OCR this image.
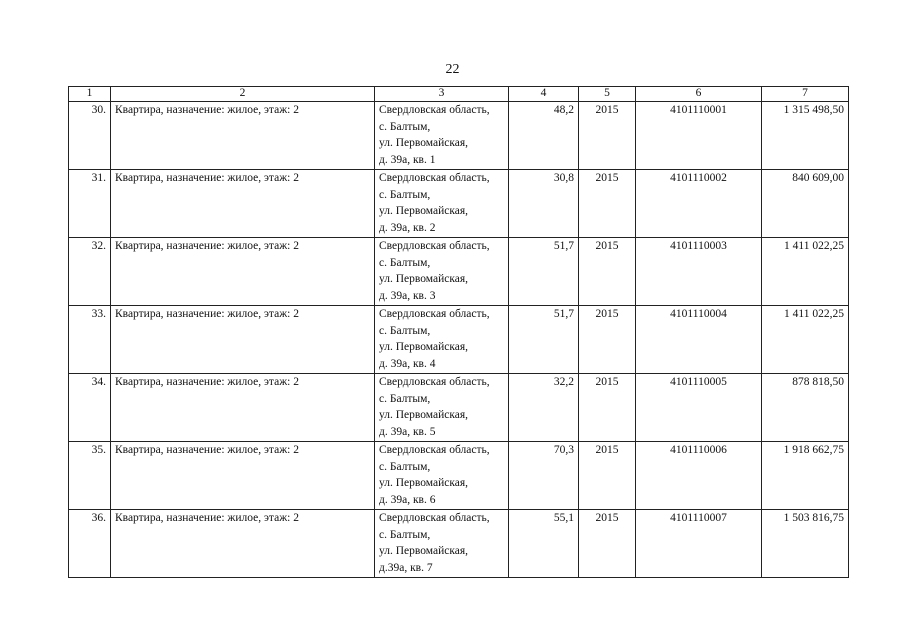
22
1	2	3	4	5	6	7
30.	Квартира, назначение: жилое, этаж: 2	Свердловская область,
с. Балтым,
ул. Первомайская,
д. 39а, кв. 1	48,2	2015	4101110001	1 315 498,50
31.	Квартира, назначение: жилое, этаж: 2	Свердловская область,
с. Балтым,
ул. Первомайская,
д. 39а, кв. 2	30,8	2015	4101110002	840 609,00
32.	Квартира, назначение: жилое, этаж: 2	Свердловская область,
с. Балтым,
ул. Первомайская,
д. 39а, кв. 3	51,7	2015	4101110003	1 411 022,25
33.	Квартира, назначение: жилое, этаж: 2	Свердловская область,
с. Балтым,
ул. Первомайская,
д. 39а, кв. 4	51,7	2015	4101110004	1 411 022,25
34.	Квартира, назначение: жилое, этаж: 2	Свердловская область,
с. Балтым,
ул. Первомайская,
д. 39а, кв. 5	32,2	2015	4101110005	878 818,50
35.	Квартира, назначение: жилое, этаж: 2	Свердловская область,
с. Балтым,
ул. Первомайская,
д. 39а, кв. 6	70,3	2015	4101110006	1 918 662,75
36.	Квартира, назначение: жилое, этаж: 2	Свердловская область,
с. Балтым,
ул. Первомайская,
д.39а, кв. 7	55,1	2015	4101110007	1 503 816,75
